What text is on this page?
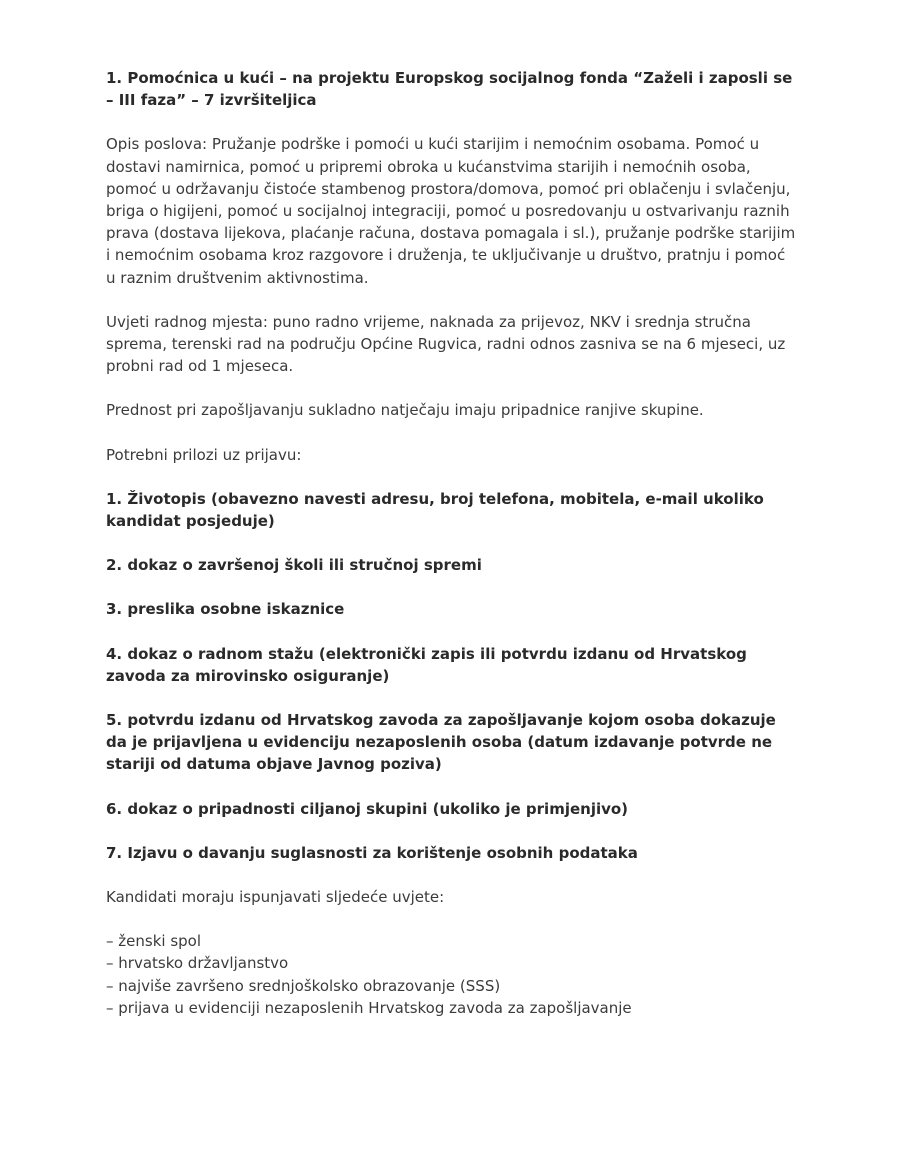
1. Pomoćnica u kući – na projektu Europskog socijalnog fonda “Zaželi i zaposli se – III faza” – 7 izvršiteljica

Opis poslova: Pružanje podrške i pomoći u kući starijim i nemoćnim osobama. Pomoć u dostavi namirnica, pomoć u pripremi obroka u kućanstvima starijih i nemoćnih osoba, pomoć u održavanju čistoće stambenog prostora/domova, pomoć pri oblačenju i svlačenju, briga o higijeni, pomoć u socijalnoj integraciji, pomoć u posredovanju u ostvarivanju raznih prava (dostava lijekova, plaćanje računa, dostava pomagala i sl.), pružanje podrške starijim i nemoćnim osobama kroz razgovore i druženja, te uključivanje u društvo, pratnju i pomoć u raznim društvenim aktivnostima.

Uvjeti radnog mjesta: puno radno vrijeme, naknada za prijevoz, NKV i srednja stručna sprema, terenski rad na području Općine Rugvica, radni odnos zasniva se na 6 mjeseci, uz probni rad od 1 mjeseca.

Prednost pri zapošljavanju sukladno natječaju imaju pripadnice ranjive skupine.

Potrebni prilozi uz prijavu:

1. Životopis (obavezno navesti adresu, broj telefona, mobitela, e-mail ukoliko kandidat posjeduje)

2. dokaz o završenoj školi ili stručnoj spremi

3. preslika osobne iskaznice

4. dokaz o radnom stažu (elektronički zapis ili potvrdu izdanu od Hrvatskog zavoda za mirovinsko osiguranje)

5. potvrdu izdanu od Hrvatskog zavoda za zapošljavanje kojom osoba dokazuje da je prijavljena u evidenciju nezaposlenih osoba (datum izdavanje potvrde ne stariji od datuma objave Javnog poziva)

6. dokaz o pripadnosti ciljanoj skupini (ukoliko je primjenjivo)

7. Izjavu o davanju suglasnosti za korištenje osobnih podataka

Kandidati moraju ispunjavati sljedeće uvjete:

– ženski spol
– hrvatsko državljanstvo
– najviše završeno srednjoškolsko obrazovanje (SSS)
– prijava u evidenciji nezaposlenih Hrvatskog zavoda za zapošljavanje
